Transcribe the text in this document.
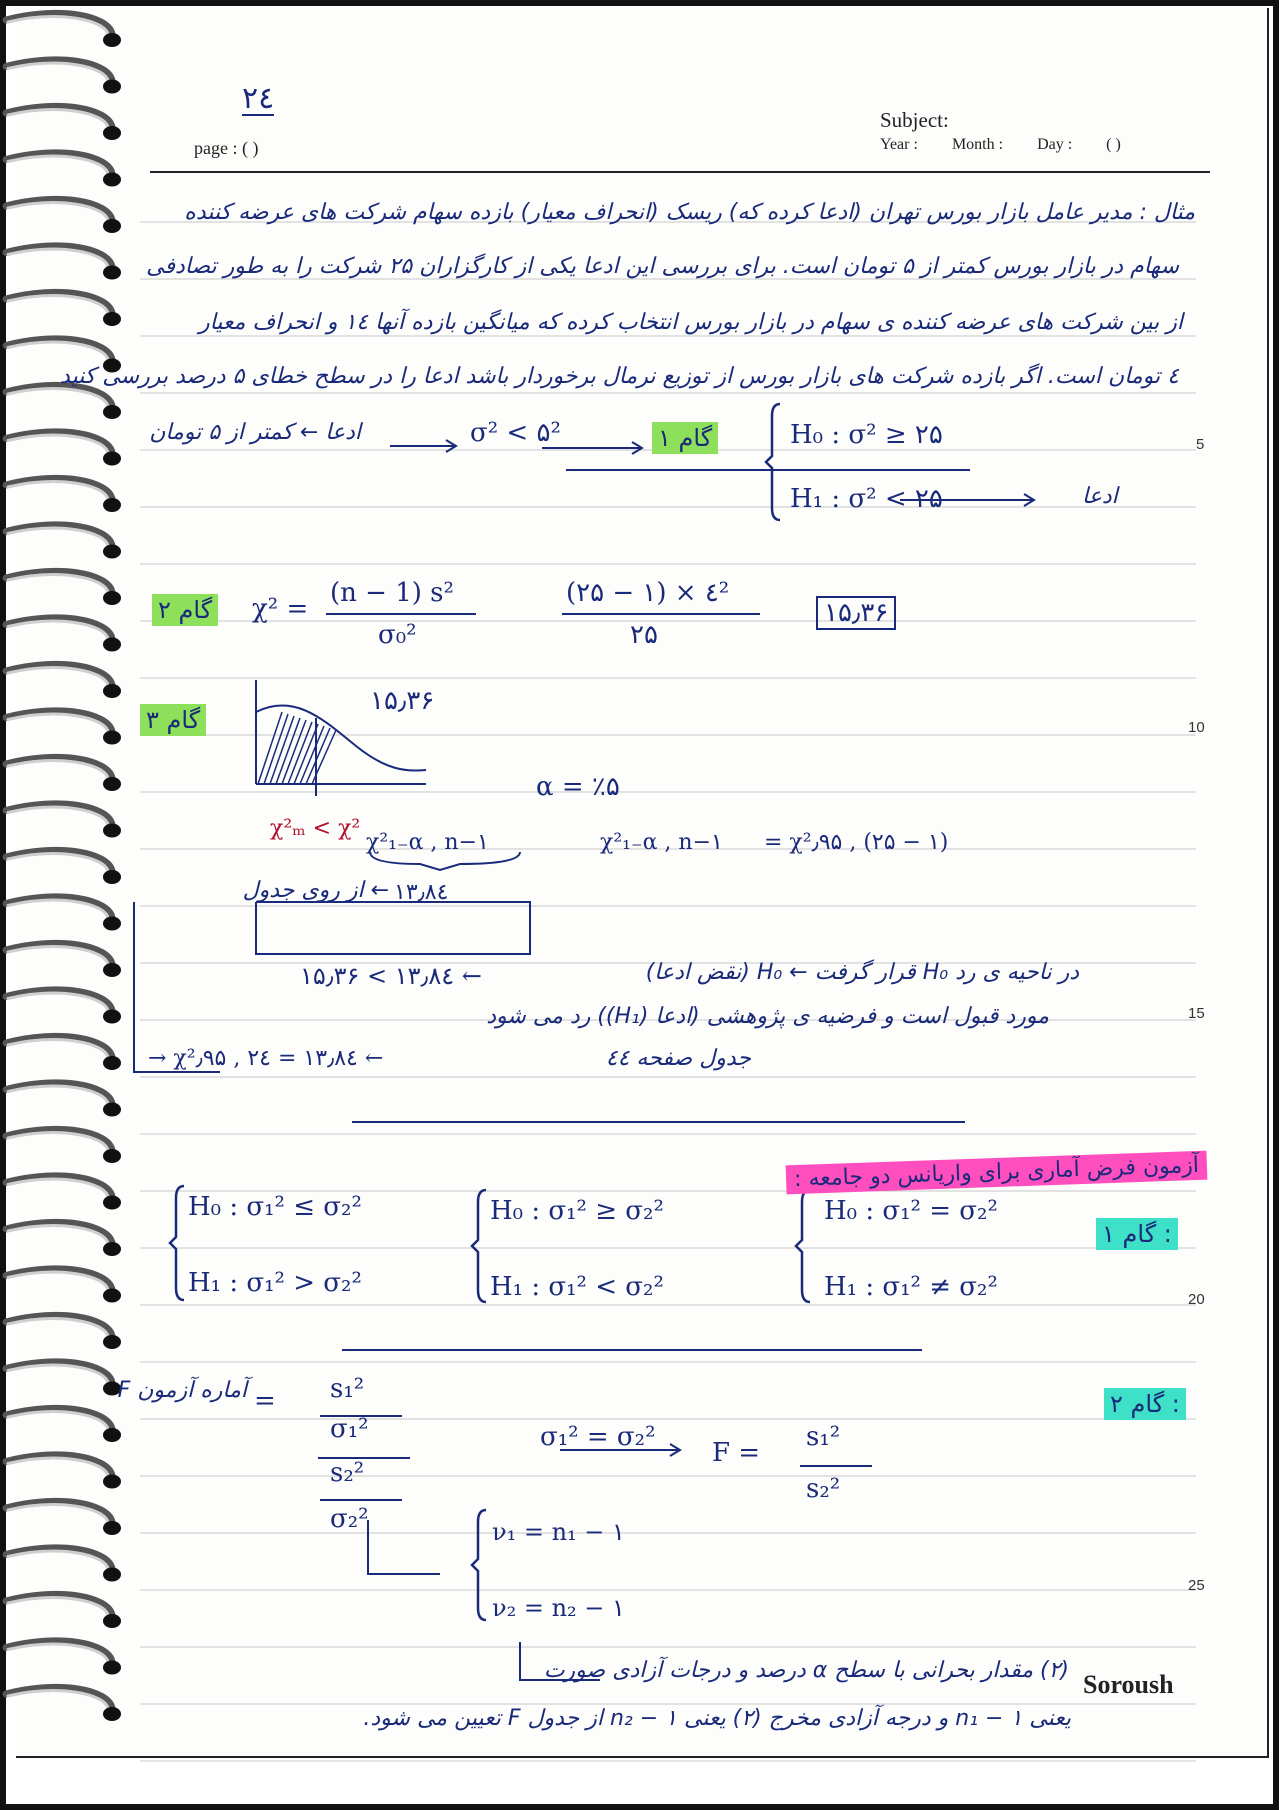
۲٤
page : ( )
Subject:
Year : Month : Day : ( )
5
10
15
20
25
مثال : مدیر عامل بازار بورس تهران (ادعا کرده که) ریسک (انحراف معیار) بازده سهام شرکت های عرضه کننده
سهام در بازار بورس کمتر از ۵ تومان است. برای بررسی این ادعا یکی از کارگزاران ۲۵ شرکت را به طور تصادفی
از بین شرکت های عرضه کننده ی سهام در بازار بورس انتخاب کرده که میانگین بازده آنها ۱٤ و انحراف معیار
٤ تومان است. اگر بازده شرکت های بازار بورس از توزیع نرمال برخوردار باشد ادعا را در سطح خطای ۵ درصد بررسی کنید
ادعا ← کمتر از ۵ تومان	σ² < ۵²	گام ۱	H₀ : σ² ≥ ۲۵
H₁ : σ² < ۲۵	ادعا
گام ۲ χ² =
(n − 1) s²
σ₀²
(۲۵ − ۱) × ٤²
۲۵
۱۵٫۳۶
گام ۳
۱۵٫۳۶
α = ٪۵
χ²ₘ < χ²
χ²₁₋α , n−۱	χ²₁₋α , n−۱ = χ²٫۹۵ , (۲۵ − ۱)
۱۳٫۸٤
← از روی جدول
در ناحیه ی رد H₀ قرار گرفت ← H₀ (نقض ادعا)
۱۵٫۳۶ < ۱۳٫۸٤ ←
مورد قبول است و فرضیه ی پژوهشی (ادعا (H₁)) رد می شود
→ χ²٫۹۵ , ۲٤ = ۱۳٫۸٤ ←	جدول صفحه ٤٤
آزمون فرض آماری برای واریانس دو جامعه :
گام ۱ :
H₀ : σ₁² ≤ σ₂²
H₁ : σ₁² > σ₂²
H₀ : σ₁² ≥ σ₂²
H₁ : σ₁² < σ₂²
H₀ : σ₁² = σ₂²
H₁ : σ₁² ≠ σ₂²
گام ۲ :
آماره آزمون F = s₁²
σ₁²
s₂²
σ₂²
σ₁² = σ₂²
F =
s₁²
s₂²
ν₁ = n₁ − ۱
ν₂ = n₂ − ۱
(۲) مقدار بحرانی با سطح α درصد و درجات آزادی صورت
یعنی n₁ − ۱ و درجه آزادی مخرج (۲) یعنی n₂ − ۱ از جدول F تعیین می شود.
Soroush
